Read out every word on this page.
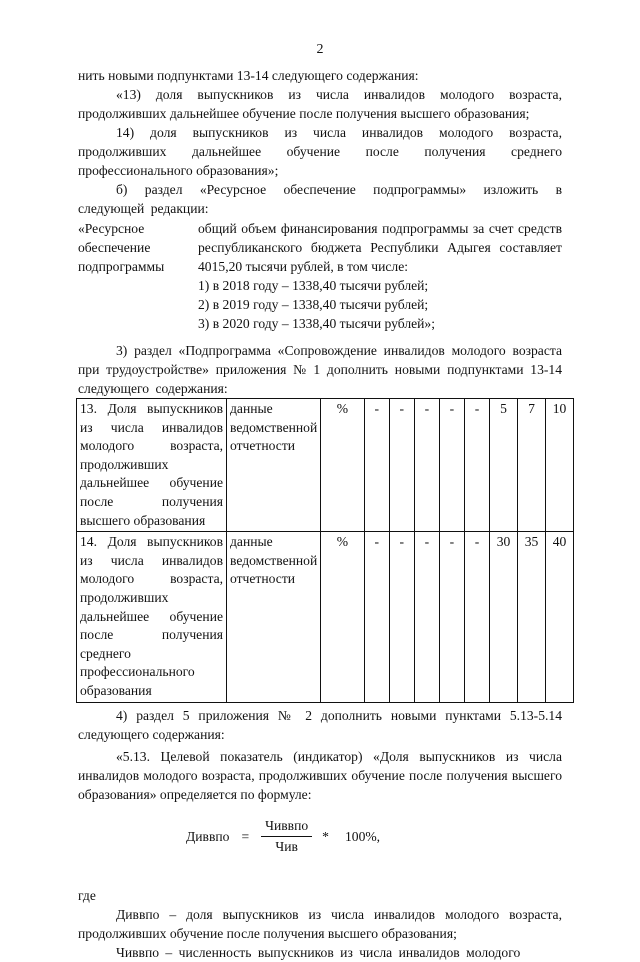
2

нить новыми подпунктами 13-14 следующего содержания:

«13) доля выпускников из числа инвалидов молодого возраста, продолживших дальнейшее обучение после получения высшего образования;

14) доля выпускников из числа инвалидов молодого возраста, продолживших дальнейшее обучение после получения среднего профессионального образования»;

б) раздел «Ресурсное обеспечение подпрограммы» изложить в следующей редакции:

«Ресурсное обеспечение подпрограммы
общий объем финансирования подпрограммы за счет средств республиканского бюджета Республики Адыгея составляет 4015,20 тысячи рублей, в том числе:
1) в 2018 году – 1338,40 тысячи рублей;
2) в 2019 году – 1338,40 тысячи рублей;
3) в 2020 году – 1338,40 тысячи рублей»;

3) раздел «Подпрограмма «Сопровождение инвалидов молодого возраста при трудоустройстве» приложения № 1 дополнить новыми подпунктами 13-14 следующего содержания:

13. Доля выпускников из числа инвалидов молодого возраста, продолживших дальнейшее обучение после получения высшего образования	данные ведомственной отчетности	%	-	-	-	-	-	5	7	10
14. Доля выпускников из числа инвалидов молодого возраста, продолживших дальнейшее обучение после получения среднего профессионального образования	данные ведомственной отчетности	%	-	-	-	-	-	30	35	40

4) раздел 5 приложения № 2 дополнить новыми пунктами 5.13-5.14 следующего содержания:

«5.13. Целевой показатель (индикатор) «Доля выпускников из числа инвалидов молодого возраста, продолживших обучение после получения высшего образования» определяется по формуле:

Диввпо = $\frac{\text{Чиввпо}}{\text{Чив}} * 100\%$,

где

Диввпо – доля выпускников из числа инвалидов молодого возраста, продолживших обучение после получения высшего образования;

Чиввпо – численность выпускников из числа инвалидов молодого
